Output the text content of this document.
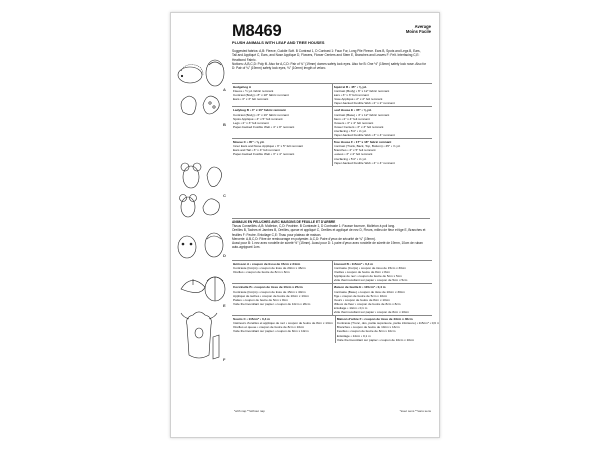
M8469	Average
Moins Facile
PLUSH ANIMALS WITH LEAF AND TREE HOUSES
A
B
C
D
E
F
Suggested fabrics: A,B: Fleece, Cuddle Soft. B Contrast 1, D Contrast 1: Faux Fur, Long Pile Fleece. Ears B, Spots and Legs B, Ears,
Tail and Appliqué C, Ears, and Nose Applique D, Flowers, Flower Centers and Stem E, Branches and Leaves F: Felt. Interfacing C,E: Heatbond Fabric.
Notions: A,B,C,D: Poly fil. Also for A,C,D: Pair of ¾" (19mm) domes safety lock eyes. Also for B: One ½" (15mm) safety lock nose. Also for D: Pair of ¾" (19mm) safety lock eyes, ⅜" (10mm) length of velcro.
Hedgehog A
Fleece • ½ yd. fabric remnant
Contrast (Body) • 8" x 18" fabric remnant
Ears • 3" x 3" felt remnant
Squirrel B • 45" • ⅜ yd.
Contrast (Body) • 6" x 12" fabric remnant
Ears • 3" x 3" felt remnant
Nose Appliqué • 2" x 2" felt remnant
Paper-backed Fusible Web • 2" x 2" remnant
Ladybug B • 4" x 10" fabric remnant
Contrast (Body) • 6" x 16" fabric remnant
Spots Appliqué • 4" x 5" felt remnant
Legs • 2" x 3" felt remnant
Paper-backed Fusible Web • 4" x 8" remnant
Leaf House E • 45" • ⅜ yd.
Contrast (Base) • 4" x 12" fabric remnant
Stem • 2" x 4" felt remnant
Flowers • 3" x 4" felt remnant
Flower Centers • 3" x 3" felt remnant
Interfacing • 5⅝" • ⅛ yd.
Paper-backed Fusible Web • 3" x 4" remnant
Mouse C • 45" • ⅜ yd.
Inner Ears and Nose Appliqué • 3" x 5" felt remnant
Ears and Tail • 3" x 4" felt remnant
Paper-backed Fusible Web • 3" x 4" remnant
Tree House F • 17" x 18" fabric remnant
Contrast (Trunk, Back, Top, Bottom) • 45" • ⅝ yd.
Branches • 4" x 5" felt remnant
Leaves • 3" x 4" felt remnant
Interfacing • 5⅝" • ⅛ yd.
Paper-backed Fusible Web • 4" x 4" remnant
ANIMAUX EN PELUCHES AVEC MAISONS DE FEUILLE ET D'ARBRE
Tissus Conseillés: A,B: Molleton, C,D: Feutrine. B Contraste 1, D Contraste 1: Fausse fourrure, Molleton à poil long.
Oreilles B, Taches et Jambes B, Oreilles, queue et appliqué C, Oreilles et appliqué de nez D, Fleurs, milieu de fleur et tige E, Branches et feuilles F: Feutre. Entoilage C,E: Tissu pour plateau de maison.
Mercerie: A,B,C,D: Fibre de rembourrage en polyester. A,C,D: Paire d'yeux de sécurité de ¾" (19mm).
Aussi pour B: 1 nez avec rondelle de sûreté ½" (15mm). Aussi pour D: 1 paire d'yeux avec rondelle de sûreté de 19mm, 10cm de ruban auto-agrippant 1cm.
Hérisson A • coupon de tissu de 15cm x 34cm
Contraste (Corps) • coupon de tissu de 20cm x 46cm
Oreilles • coupon de feutre de 8cm x 8cm
Écureuil B • 115cm* • 0,4 m
Contraste (Corps) • coupon de tissu de 15cm x 30cm
Oreilles • coupon de feutre de 8cm x 8cm
Appliqué de nez • coupon de feutre de 5cm x 5cm
Voile thermocollant sur papier • coupon de 5cm x 5cm
Coccinelle B • coupon de tissu de 10cm x 25cm
Contraste (Corps) • coupon de tissu de 15cm x 40cm
Appliqué de taches • coupon de feutre de 10cm x 13cm
Pattes • coupon de feutre de 5cm x 8cm
Voile thermocollant sur papier • coupon de 10cm x 20cm
Maison de feuille E • 115cm* • 0,4 m
Contraste (Base) • coupon de tissu de 10cm x 30cm
Tige • coupon de feutre de 5cm x 10cm
Fleurs • coupon de feutre de 8cm x 10cm
Milieux de fleur • coupon de feutre de 8cm x 8cm
Entoilage • 14cm • 0,1 m
Voile thermocollant sur papier • coupon de 8cm x 10cm
Souris C • 115cm* • 0,4 m
Intérieurs d'oreilles et appliqué de nez • coupon de feutre de 8cm x 13cm
Oreilles et queue • coupon de feutre de 8cm x 10cm
Voile thermocollant sur papier • coupon de 8cm x 10cm
Maison d'arbre F • coupon de tissu de 43cm x 46cm
Contraste (Tronc, dos, partie supérieure, partie inférieure) • 115cm* • 0,6 m
Branches • coupon de feutre de 10cm x 13cm
Feuilles • coupon de feutre de 8cm x 10cm
Entoilage • 14cm • 0,1 m
Voile thermocollant sur papier • coupon de 10cm x 10cm
*with nap **without nap	*avec sens **sans sens
